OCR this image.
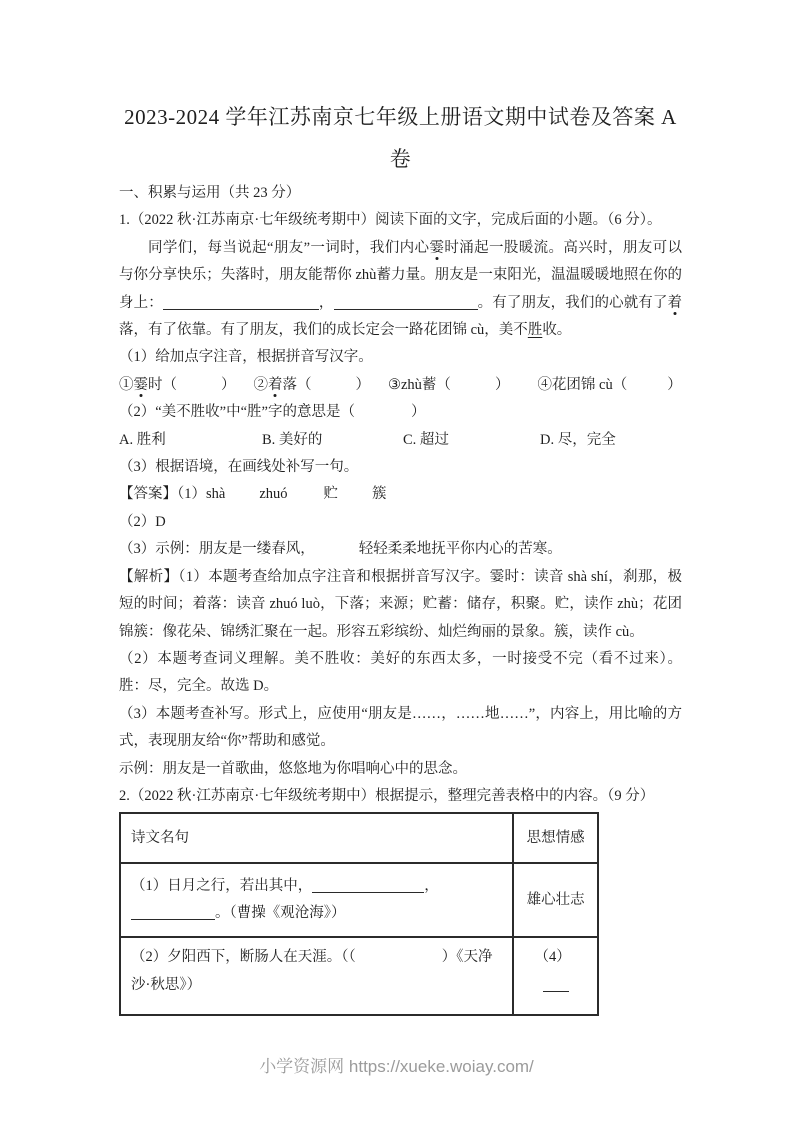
2023-2024 学年江苏南京七年级上册语文期中试卷及答案 A
卷

一、积累与运用（共 23 分）

1.（2022 秋·江苏南京·七年级统考期中）阅读下面的文字，完成后面的小题。（6 分）。

同学们，每当说起“朋友”一词时，我们内心霎时涌起一股暖流。高兴时，朋友可以与你分享快乐；失落时，朋友能帮你 zhù蓄力量。朋友是一束阳光，温温暖暖地照在你的身上：	，	。有了朋友，我们的心就有了着落，有了依靠。有了朋友，我们的成长定会一路花团锦 cù，美不胜收。

（1）给加点字注音，根据拼音写汉字。

①霎时（	） ②着落（	） ③zhù蓄（	） ④花团锦 cù（	）

（2）“美不胜收”中“胜”字的意思是（	）

A. 胜利	B. 美好的	C. 超过	D. 尽，完全

（3）根据语境，在画线处补写一句。

【答案】（1）shà zhuó 贮 簇

（2）D

（3）示例：朋友是一缕春风，	轻轻柔柔地抚平你内心的苦寒。

【解析】（1）本题考查给加点字注音和根据拼音写汉字。霎时：读音 shà shí，刹那，极短的时间；着落：读音 zhuó luò，下落；来源；贮蓄：储存，积聚。贮，读作 zhù；花团锦簇：像花朵、锦绣汇聚在一起。形容五彩缤纷、灿烂绚丽的景象。簇，读作 cù。

（2）本题考查词义理解。美不胜收：美好的东西太多，一时接受不完（看不过来）。胜：尽，完全。故选 D。

（3）本题考查补写。形式上，应使用“朋友是……，……地……”，内容上，用比喻的方式，表现朋友给“你”帮助和感觉。

示例：朋友是一首歌曲，悠悠地为你唱响心中的思念。

2.（2022 秋·江苏南京·七年级统考期中）根据提示，整理完善表格中的内容。（9 分）

诗文名句	思想情感
（1）日月之行，若出其中， ，。（曹操《观沧海》）	雄心壮志
（2）夕阳西下，断肠人在天涯。（（ ）《天净沙·秋思》）	（4）
小学资源网 https://xueke.woiay.com/
